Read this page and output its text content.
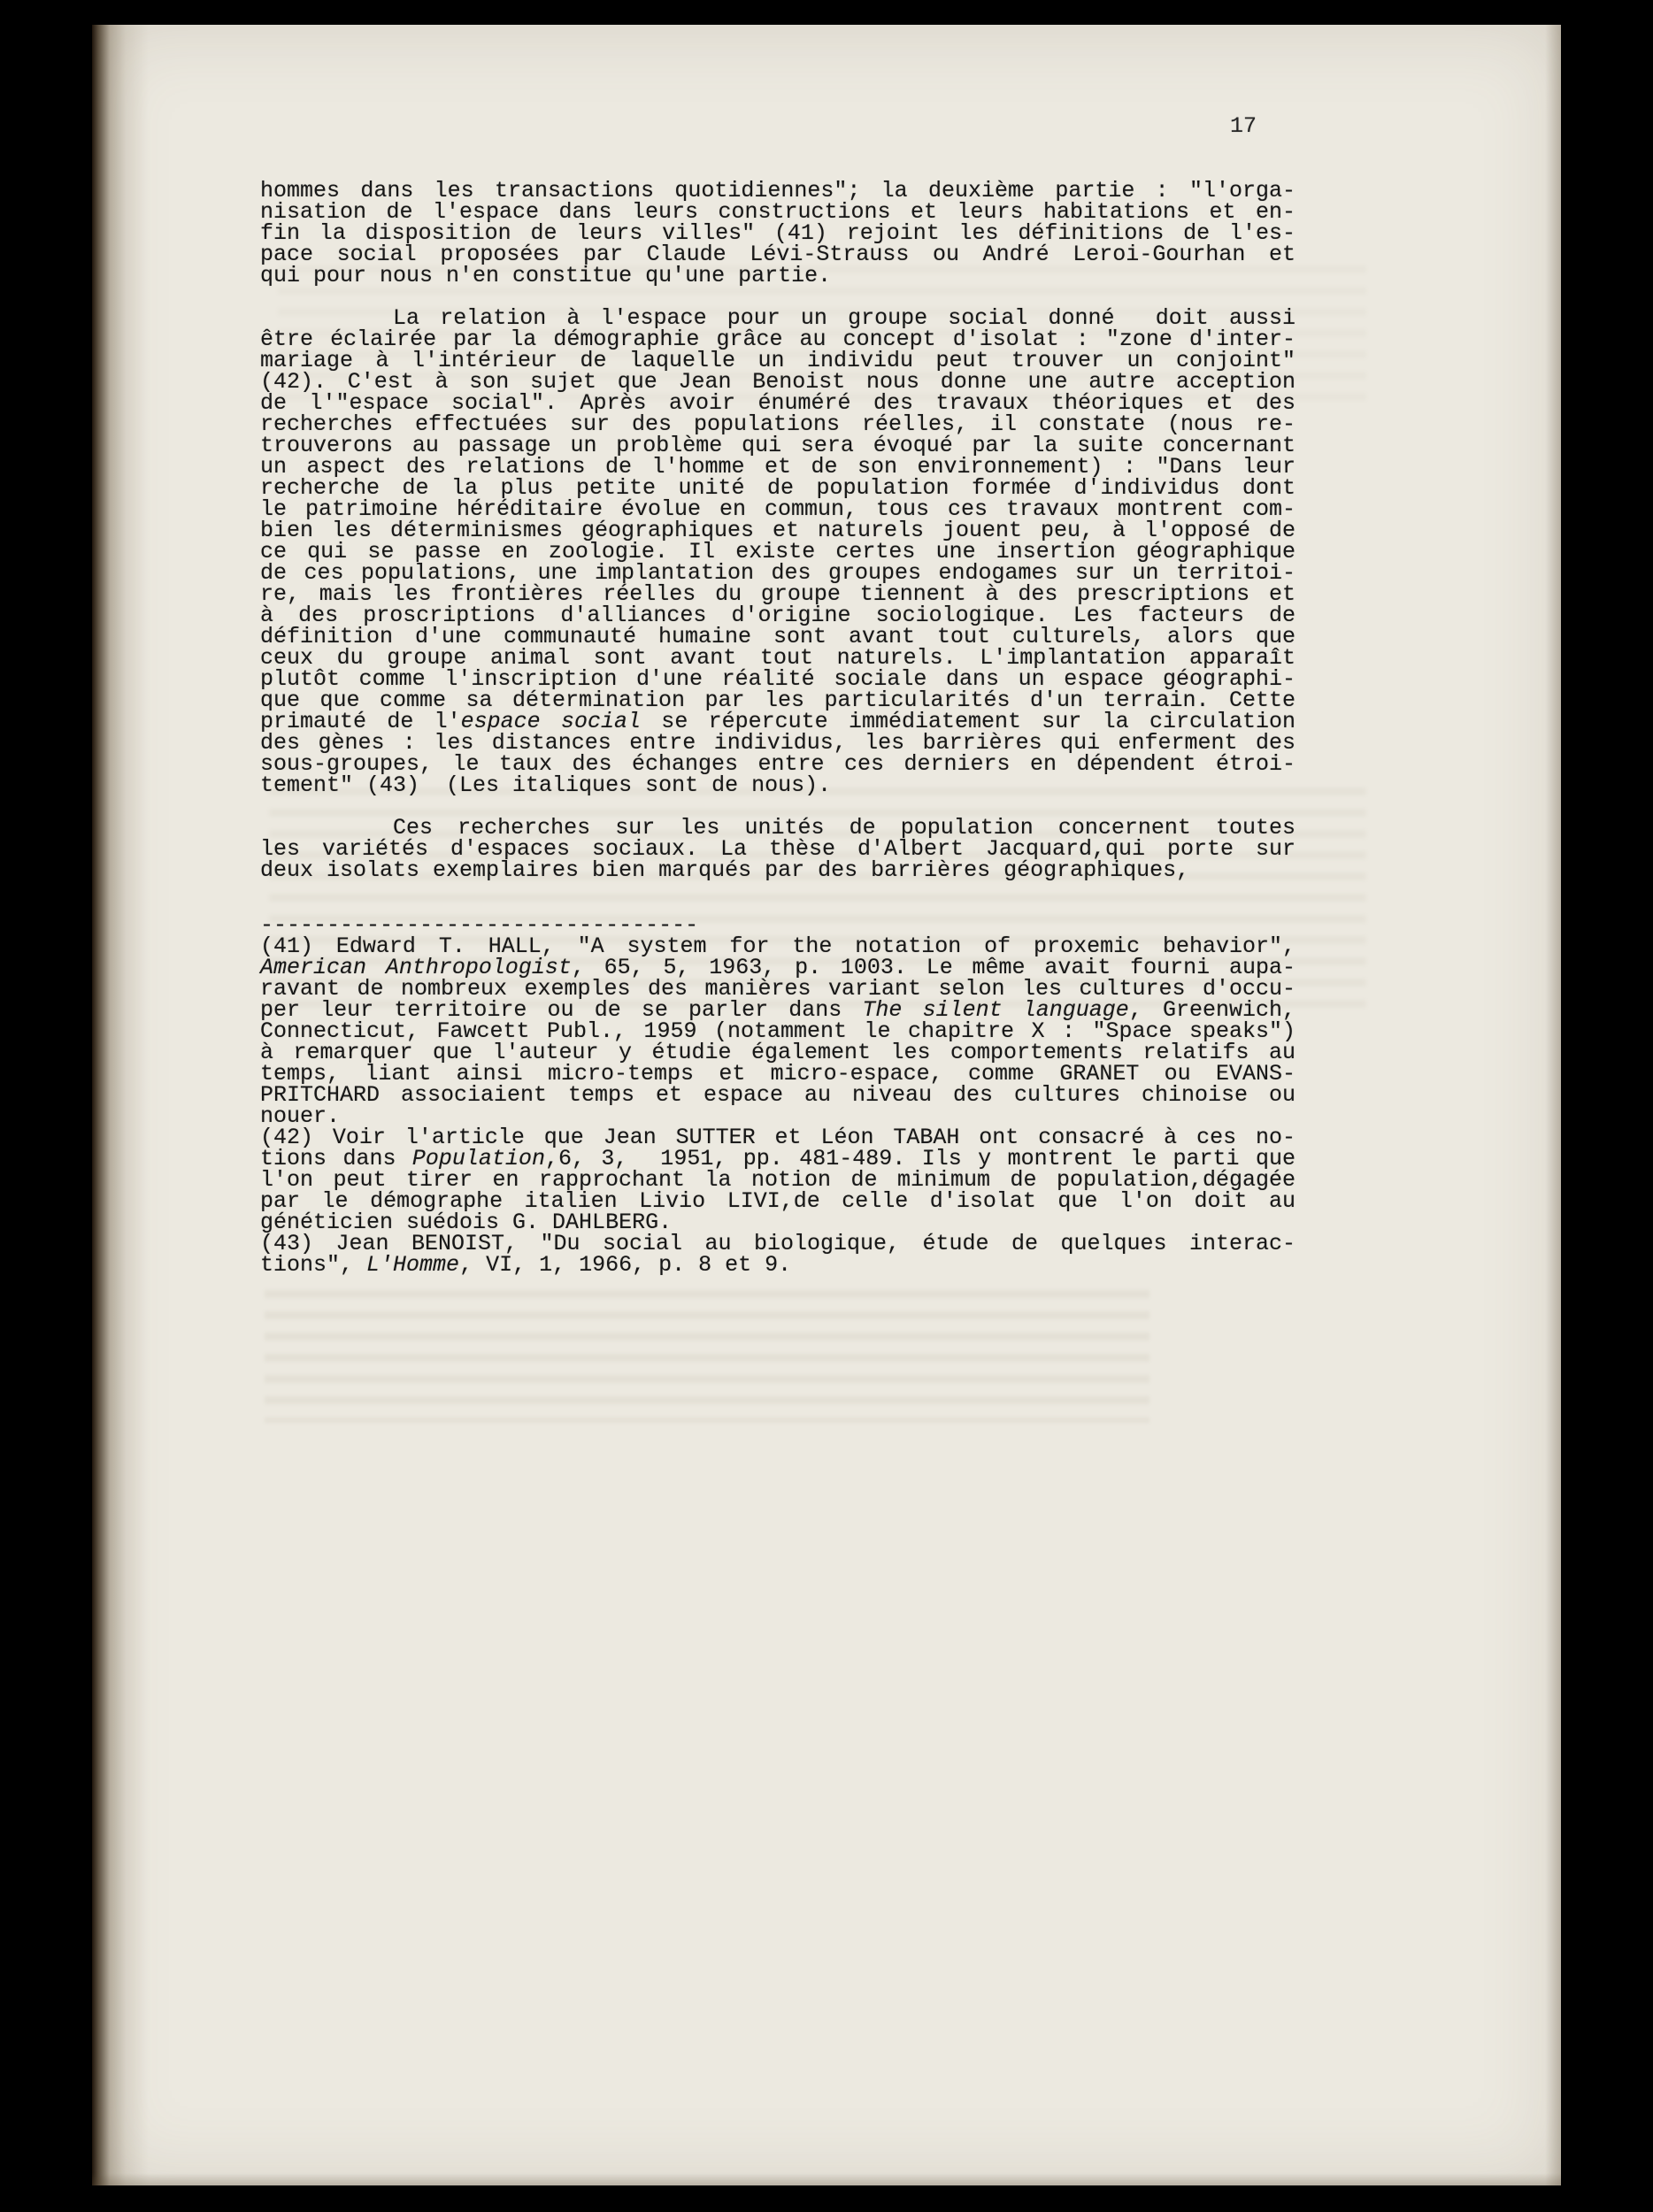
17
hommes dans les transactions quotidiennes"; la deuxième partie : "l'orga-
nisation de l'espace dans leurs constructions et leurs habitations et en-
fin la disposition de leurs villes" (41) rejoint les définitions de l'es-
pace social proposées par Claude Lévi-Strauss ou André Leroi-Gourhan et
qui pour nous n'en constitue qu'une partie.
La relation à l'espace pour un groupe social donné  doit aussi
être éclairée par la démographie grâce au concept d'isolat : "zone d'inter-
mariage à l'intérieur de laquelle un individu peut trouver un conjoint"
(42). C'est à son sujet que Jean Benoist nous donne une autre acception
de l'"espace social". Après avoir énuméré des travaux théoriques et des
recherches effectuées sur des populations réelles, il constate (nous re-
trouverons au passage un problème qui sera évoqué par la suite concernant
un aspect des relations de l'homme et de son environnement) : "Dans leur
recherche de la plus petite unité de population formée d'individus dont
le patrimoine héréditaire évolue en commun, tous ces travaux montrent com-
bien les déterminismes géographiques et naturels jouent peu, à l'opposé de
ce qui se passe en zoologie. Il existe certes une insertion géographique
de ces populations, une implantation des groupes endogames sur un territoi-
re, mais les frontières réelles du groupe tiennent à des prescriptions et
à des proscriptions d'alliances d'origine sociologique. Les facteurs de
définition d'une communauté humaine sont avant tout culturels, alors que
ceux du groupe animal sont avant tout naturels. L'implantation apparaît
plutôt comme l'inscription d'une réalité sociale dans un espace géographi-
que que comme sa détermination par les particularités d'un terrain. Cette
primauté de l'espace social se répercute immédiatement sur la circulation
des gènes : les distances entre individus, les barrières qui enferment des
sous-groupes, le taux des échanges entre ces derniers en dépendent étroi-
tement" (43)  (Les italiques sont de nous).
Ces recherches sur les unités de population concernent toutes
les variétés d'espaces sociaux. La thèse d'Albert Jacquard,qui porte sur
deux isolats exemplaires bien marqués par des barrières géographiques,
---------------------------------
(41) Edward T. HALL, "A system for the notation of proxemic behavior",
American Anthropologist, 65, 5, 1963, p. 1003. Le même avait fourni aupa-
ravant de nombreux exemples des manières variant selon les cultures d'occu-
per leur territoire ou de se parler dans The silent language, Greenwich,
Connecticut, Fawcett Publ., 1959 (notamment le chapitre X : "Space speaks")
à remarquer que l'auteur y étudie également les comportements relatifs au
temps, liant ainsi micro-temps et micro-espace, comme GRANET ou EVANS-
PRITCHARD associaient temps et espace au niveau des cultures chinoise ou
nouer.
(42) Voir l'article que Jean SUTTER et Léon TABAH ont consacré à ces no-
tions dans Population,6, 3,  1951, pp. 481-489. Ils y montrent le parti que
l'on peut tirer en rapprochant la notion de minimum de population,dégagée
par le démographe italien Livio LIVI,de celle d'isolat que l'on doit au
généticien suédois G. DAHLBERG.
(43) Jean BENOIST, "Du social au biologique, étude de quelques interac-
tions", L'Homme, VI, 1, 1966, p. 8 et 9.
